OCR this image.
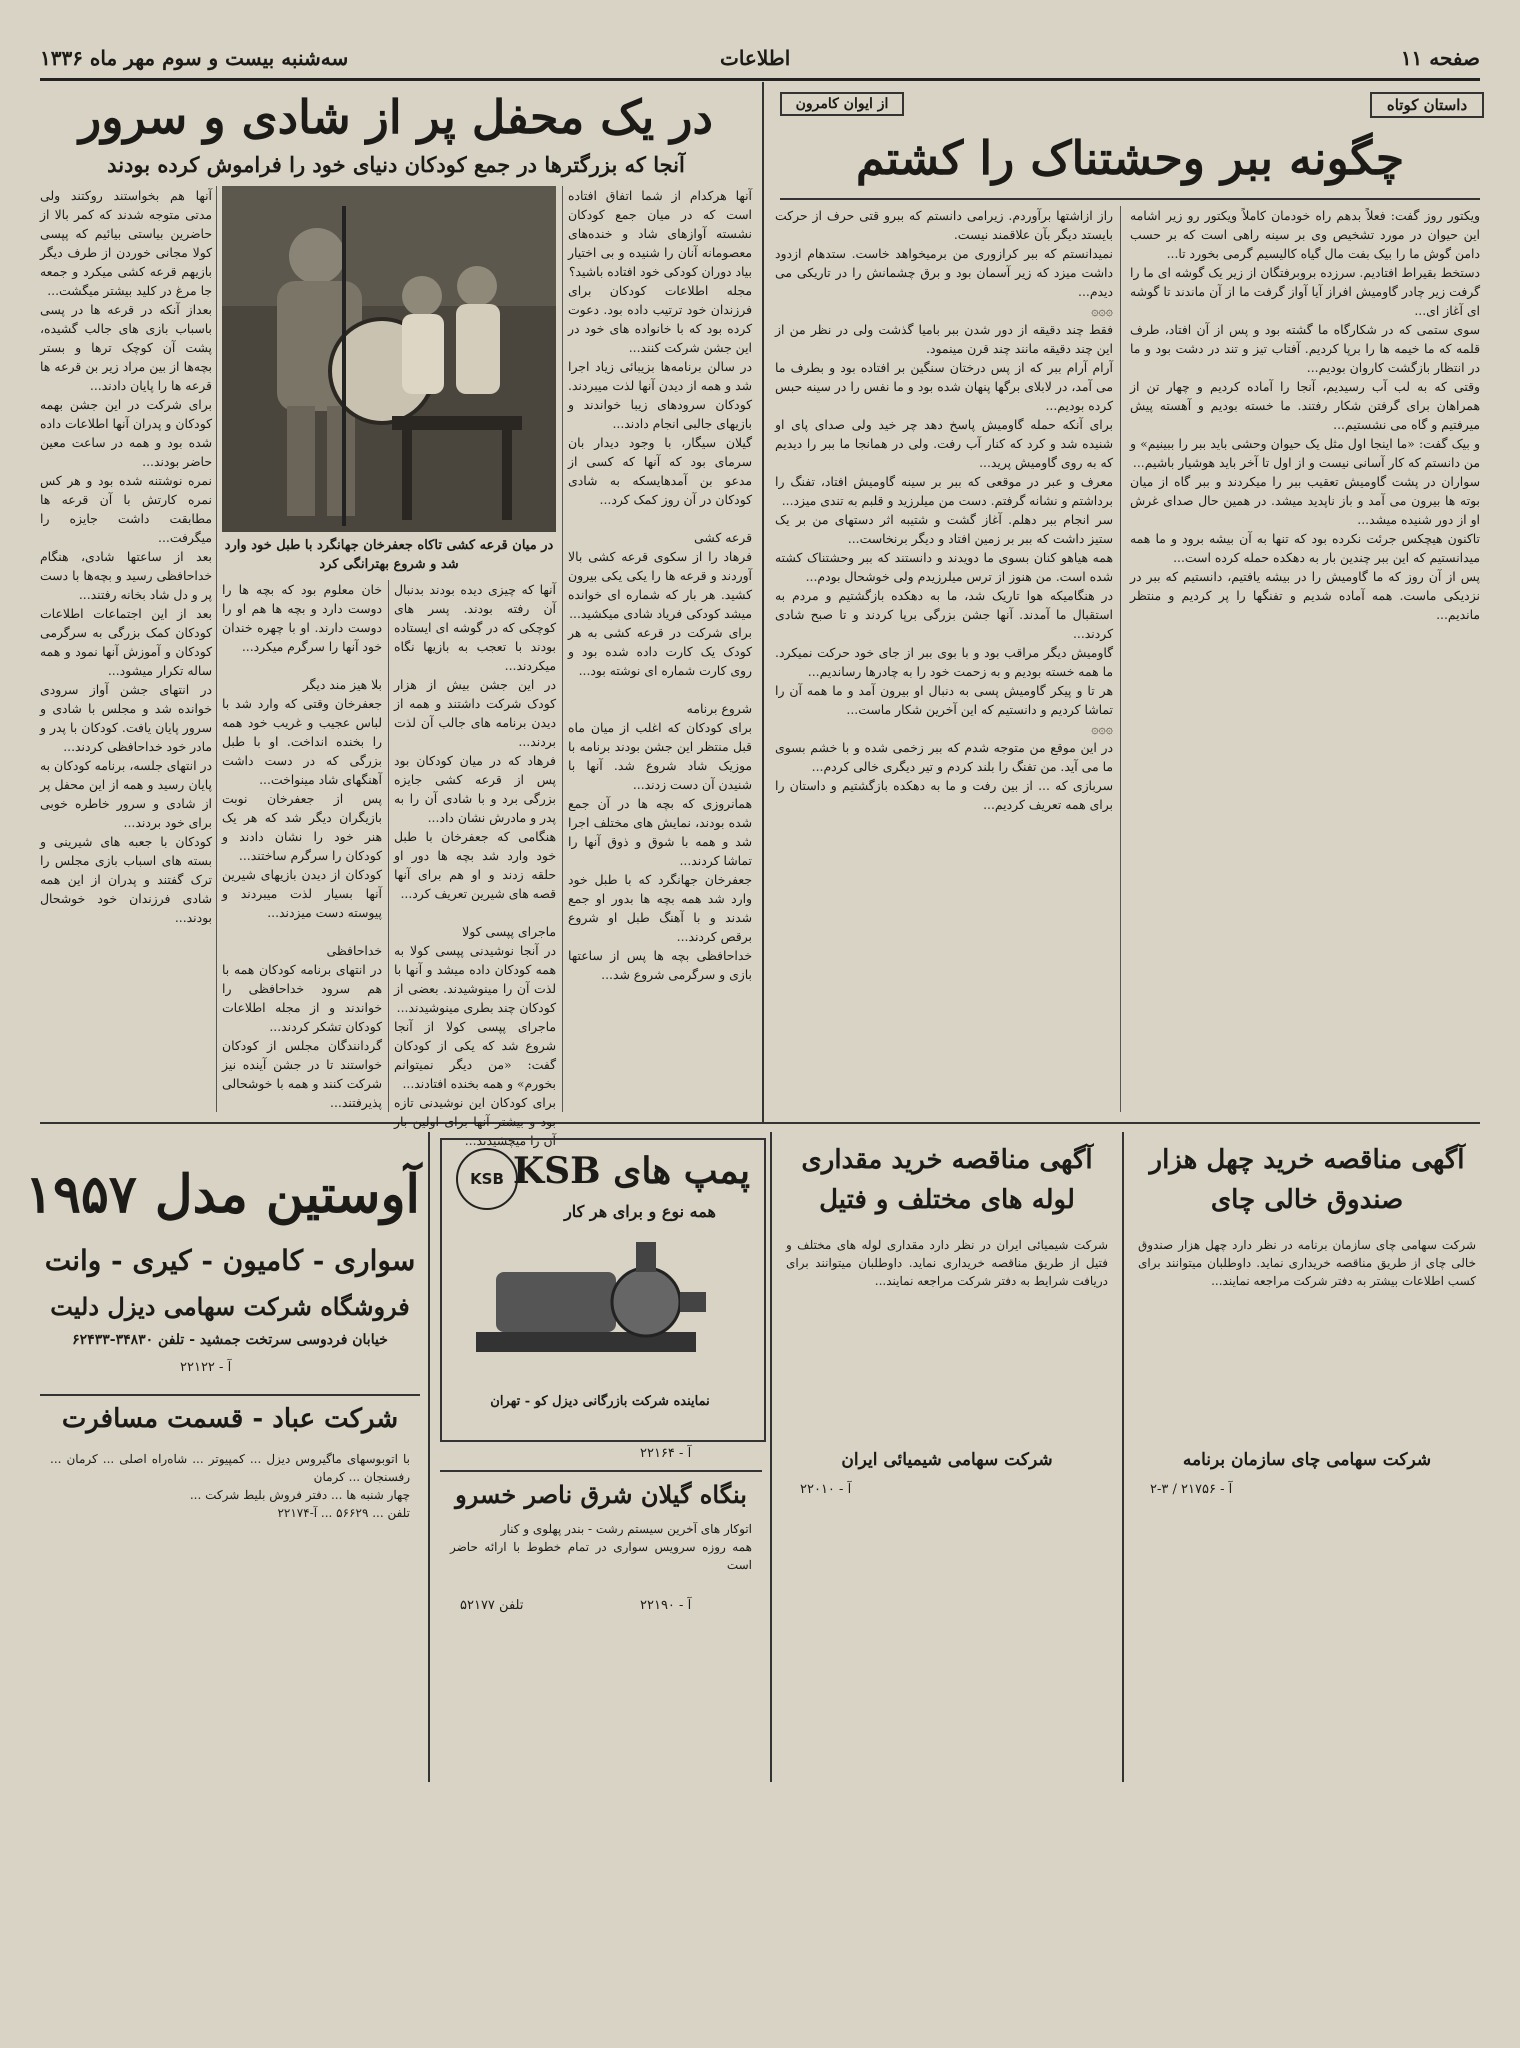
سه‌شنبه بیست و سوم مهر ماه ۱۳۳۶	اطلاعات	صفحه ۱۱
داستان کوتاه
از ایوان کامرون
چگونه ببر وحشتناک را کشتم
ویکتور روز گفت: فعلاً بدهم راه خودمان کاملاً ویکتور رو زیر اشامه این حیوان در مورد تشخیص وی بر سینه راهی است که بر حسب دامن گوش ما را بیک بفت مال گیاه کالیسیم گرمی بخورد تا...
دستخط بقیراط افتادیم. سرزده بروبرفتگان از زیر یک گوشه ای ما را گرفت زیر چادر گاومیش افراز آیا آواز گرفت ما از آن ماندند تا گوشه ای آغاز ای...
سوی ستمی که در شکارگاه ما گشته بود و پس از آن افتاد، طرف قلمه که ما خیمه ها را برپا کردیم. آفتاب تیز و تند در دشت بود و ما در انتظار بازگشت کاروان بودیم...
وقتی که به لب آب رسیدیم، آنجا را آماده کردیم و چهار تن از همراهان برای گرفتن شکار رفتند. ما خسته بودیم و آهسته پیش میرفتیم و گاه می نشستیم...
و بیک گفت: «ما اینجا اول مثل یک حیوان وحشی باید ببر را ببینیم» و من دانستم که کار آسانی نیست و از اول تا آخر باید هوشیار باشیم...
سواران در پشت گاومیش تعقیب ببر را میکردند و ببر گاه از میان بوته ها بیرون می آمد و باز ناپدید میشد. در همین حال صدای غرش او از دور شنیده میشد...
تاکنون هیچکس جرئت نکرده بود که تنها به آن بیشه برود و ما همه میدانستیم که این ببر چندین بار به دهکده حمله کرده است...
پس از آن روز که ما گاومیش را در بیشه یافتیم، دانستیم که ببر در نزدیکی ماست. همه آماده شدیم و تفنگها را پر کردیم و منتظر ماندیم...
راز ازاشتها برآوردم. زیرامی دانستم که ببرو قتی حرف از حرکت بایستد دیگر بآن علاقمند نیست.
نمیدانستم که ببر کرازوری من برمیخواهد خاست. ستدهام ازدود داشت میزد که زیر آسمان بود و برق چشمانش را در تاریکی می دیدم...
۞۞۞
فقط چند دقیقه از دور شدن ببر بامیا گذشت ولی در نظر من از این چند دقیقه مانند چند قرن مینمود.
آرام آرام ببر که از پس درختان سنگین بر افتاده بود و بطرف ما می آمد، در لابلای برگها پنهان شده بود و ما نفس را در سینه حبس کرده بودیم...
برای آنکه حمله گاومیش پاسخ دهد چر خید ولی صدای پای او شنیده شد و کرد که کنار آب رفت. ولی در همانجا ما ببر را دیدیم که به روی گاومیش پرید...
معرف و عبر در موقعی که ببر بر سینه گاومیش افتاد، تفنگ را برداشتم و نشانه گرفتم. دست من میلرزید و قلبم به تندی میزد...
سر انجام ببر دهلم. آغاز گشت و شتیبه اثر دستهای من بر یک ستیز داشت که ببر بر زمین افتاد و دیگر برنخاست...
همه هیاهو کنان بسوی ما دویدند و دانستند که ببر وحشتناک کشته شده است. من هنوز از ترس میلرزیدم ولی خوشحال بودم...
در هنگامیکه هوا تاریک شد، ما به دهکده بازگشتیم و مردم به استقبال ما آمدند. آنها جشن بزرگی برپا کردند و تا صبح شادی کردند...
گاومیش دیگر مراقب بود و با بوی ببر از جای خود حرکت نمیکرد. ما همه خسته بودیم و به زحمت خود را به چادرها رساندیم...
هر تا و پیکر گاومیش پسی به دنبال او بیرون آمد و ما همه آن را تماشا کردیم و دانستیم که این آخرین شکار ماست...
۞۞۞
در این موقع من متوجه شدم که ببر زخمی شده و با خشم بسوی ما می آید. من تفنگ را بلند کردم و تیر دیگری خالی کردم...
سربازی که ... از بین رفت و ما به دهکده بازگشتیم و داستان را برای همه تعریف کردیم...
در یک محفل پر از شادی و سرور
آنجا که بزرگترها در جمع کودکان دنیای خود را فراموش کرده بودند
آنها هرکدام از شما اتفاق افتاده است که در میان جمع کودکان نشسته آوازهای شاد و خنده‌های معصومانه آنان را شنیده و بی اختیار بیاد دوران کودکی خود افتاده باشید؟
مجله اطلاعات کودکان برای فرزندان خود ترتیب داده بود. دعوت کرده بود که با خانواده های خود در این جشن شرکت کنند...
در سالن برنامه‌ها بزیبائی زیاد اجرا شد و همه از دیدن آنها لذت میبردند. کودکان سرودهای زیبا خواندند و بازیهای جالبی انجام دادند...
گیلان سیگار، با وجود دیدار بان سرمای بود که آنها که کسی از مدعو بن آمدهایسکه به شادی کودکان در آن روز کمک کرد...

قرعه کشی
فرهاد را از سکوی قرعه کشی بالا آوردند و قرعه ها را یکی یکی بیرون کشید. هر بار که شماره ای خوانده میشد کودکی فریاد شادی میکشید...
برای شرکت در قرعه کشی به هر کودک یک کارت داده شده بود و روی کارت شماره ای نوشته بود...

شروع برنامه
برای کودکان که اغلب از میان ماه قبل منتظر این جشن بودند برنامه با موزیک شاد شروع شد. آنها با شنیدن آن دست زدند...
همانروزی که بچه ها در آن جمع شده بودند، نمایش های مختلف اجرا شد و همه با شوق و ذوق آنها را تماشا کردند...
جعفرخان جهانگرد که با طبل خود وارد شد همه بچه ها بدور او جمع شدند و با آهنگ طبل او شروع برقص کردند...
خداحافظی بچه ها پس از ساعتها بازی و سرگرمی شروع شد...
در میان قرعه کشی تاکاه جعفرخان جهانگرد با طبل خود وارد شد و شروع بهترانگی کرد
آنها هم بخواستند روکتند ولی مدتی متوجه شدند که کمر بالا از حاضرین بیاستی بیائیم که پپسی کولا مجانی خوردن از طرف دیگر بازیهم قرعه کشی میکرد و جمعه جا مرغ در کلید بیشتر میگشت...
بعداز آنکه در قرعه ها در پسی باسباب بازی های جالب گشیده، پشت آن کوچک ترها و بستر بچه‌ها از بین مراد زیر بن قرعه ها قرعه ها را پایان دادند...
برای شرکت در این جشن بهمه کودکان و پدران آنها اطلاعات داده شده بود و همه در ساعت معین حاضر بودند...
نمره نوشتنه شده بود و هر کس نمره کارتش با آن قرعه ها مطابقت داشت جایزه را میگرفت...
بعد از ساعتها شادی، هنگام خداحافظی رسید و بچه‌ها با دست پر و دل شاد بخانه رفتند...
بعد از این اجتماعات اطلاعات کودکان کمک بزرگی به سرگرمی کودکان و آموزش آنها نمود و همه ساله تکرار میشود...
در انتهای جشن آواز سرودی خوانده شد و مجلس با شادی و سرور پایان یافت. کودکان با پدر و مادر خود خداحافظی کردند...
در انتهای جلسه، برنامه کودکان به پایان رسید و همه از این محفل پر از شادی و سرور خاطره خوبی برای خود بردند...
کودکان با جعبه های شیرینی و بسته های اسباب بازی مجلس را ترک گفتند و پدران از این همه شادی فرزندان خود خوشحال بودند...
خان معلوم بود که بچه ها را دوست دارد و بچه ها هم او را دوست دارند. او با چهره خندان خود آنها را سرگرم میکرد...

بلا هیز مند دیگر
جعفرخان وقتی که وارد شد با لباس عجیب و غریب خود همه را بخنده انداخت. او با طبل بزرگی که در دست داشت آهنگهای شاد مینواخت...
پس از جعفرخان نوبت بازیگران دیگر شد که هر یک هنر خود را نشان دادند و کودکان را سرگرم ساختند...
کودکان از دیدن بازیهای شیرین آنها بسیار لذت میبردند و پیوسته دست میزدند...

خداحافظی
در انتهای برنامه کودکان همه با هم سرود خداحافظی را خواندند و از مجله اطلاعات کودکان تشکر کردند...
گردانندگان مجلس از کودکان خواستند تا در جشن آینده نیز شرکت کنند و همه با خوشحالی پذیرفتند...
آنها که چیزی دیده بودند بدنبال آن رفته بودند. پسر های کوچکی که در گوشه ای ایستاده بودند با تعجب به بازیها نگاه میکردند...
در این جشن بیش از هزار کودک شرکت داشتند و همه از دیدن برنامه های جالب آن لذت بردند...
فرهاد که در میان کودکان بود پس از قرعه کشی جایزه بزرگی برد و با شادی آن را به پدر و مادرش نشان داد...
هنگامی که جعفرخان با طبل خود وارد شد بچه ها دور او حلقه زدند و او هم برای آنها قصه های شیرین تعریف کرد...

ماجرای پپسی کولا
در آنجا نوشیدنی پپسی کولا به همه کودکان داده میشد و آنها با لذت آن را مینوشیدند. بعضی از کودکان چند بطری مینوشیدند...
ماجرای پپسی کولا از آنجا شروع شد که یکی از کودکان گفت: «من دیگر نمیتوانم بخورم» و همه بخنده افتادند...
برای کودکان این نوشیدنی تازه بود و بیشتر آنها برای اولین بار آن را میچشیدند...
آوستین مدل ۱۹۵۷
سواری - کامیون - کیری - وانت
فروشگاه شرکت سهامی دیزل دلیت
خیابان فردوسی سرتخت جمشید - تلفن ۳۴۸۳۰-۶۲۴۳۳
آ - ۲۲۱۲۲
شرکت عباد - قسمت مسافرت
با اتوبوسهای ماگیروس دیزل ... کمپیوتر ... شاه‌راه اصلی ... کرمان ... رفسنجان ... کرمان
چهار شنبه ها ... دفتر فروش بلیط شرکت ...
تلفن ... ۵۶۶۲۹ ... آ-۲۲۱۷۴
KSB پمپ های KSB
همه نوع و برای هر کار
نماینده شرکت بازرگانی دیزل کو - تهران
آ - ۲۲۱۶۴
بنگاه گیلان شرق ناصر خسرو
اتوکار های آخرین سیستم رشت - بندر پهلوی و کنار
همه روزه سرویس سواری در تمام خطوط با ارائه حاضر است
تلفن ۵۲۱۷۷	آ - ۲۲۱۹۰
آگهی مناقصه خرید مقداری لوله های مختلف و فتیل
شرکت شیمیائی ایران در نظر دارد مقداری لوله های مختلف و فتیل از طریق مناقصه خریداری نماید. داوطلبان میتوانند برای دریافت شرایط به دفتر شرکت مراجعه نمایند...
شرکت سهامی شیمیائی ایران
آ - ۲۲۰۱۰
آگهی مناقصه خرید چهل هزار صندوق خالی چای
شرکت سهامی چای سازمان برنامه در نظر دارد چهل هزار صندوق خالی چای از طریق مناقصه خریداری نماید. داوطلبان میتوانند برای کسب اطلاعات بیشتر به دفتر شرکت مراجعه نمایند...
شرکت سهامی چای سازمان برنامه
آ - ۲۱۷۵۶ / ۳-۲
